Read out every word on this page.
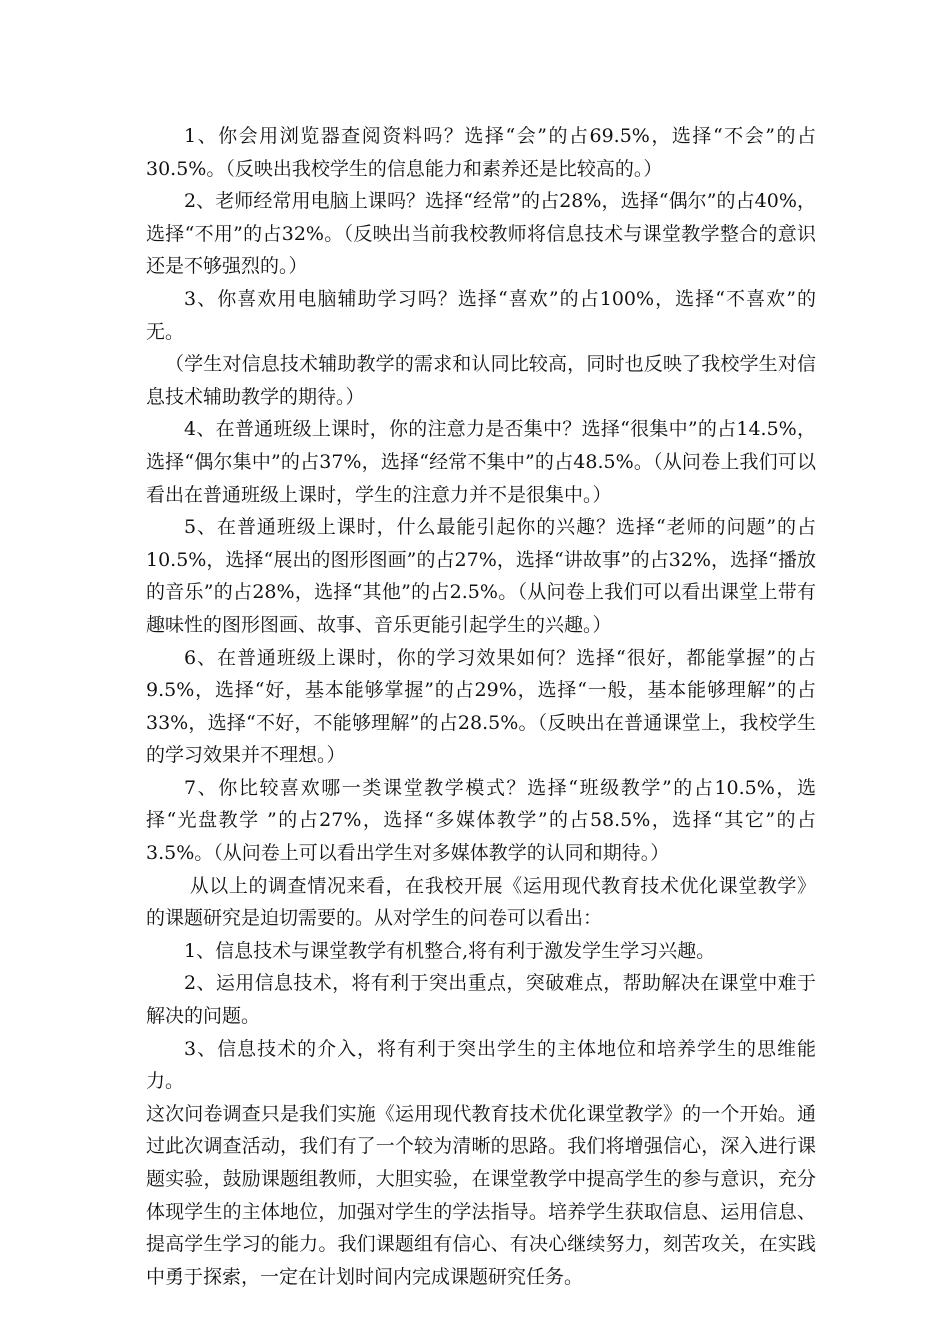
1、你会用浏览器查阅资料吗？选择“会”的占69.5%，选择“不会”的占30.5%。（反映出我校学生的信息能力和素养还是比较高的。）

2、老师经常用电脑上课吗？选择“经常”的占28%，选择“偶尔”的占40%，选择“不用”的占32%。（反映出当前我校教师将信息技术与课堂教学整合的意识还是不够强烈的。）

3、你喜欢用电脑辅助学习吗？选择“喜欢”的占100%，选择“不喜欢”的无。

（学生对信息技术辅助教学的需求和认同比较高，同时也反映了我校学生对信息技术辅助教学的期待。）

4、在普通班级上课时，你的注意力是否集中？选择“很集中”的占14.5%，选择“偶尔集中”的占37%，选择“经常不集中”的占48.5%。（从问卷上我们可以看出在普通班级上课时，学生的注意力并不是很集中。）

5、在普通班级上课时，什么最能引起你的兴趣？选择“老师的问题”的占10.5%，选择“展出的图形图画”的占27%，选择“讲故事”的占32%，选择“播放的音乐”的占28%，选择“其他”的占2.5%。（从问卷上我们可以看出课堂上带有趣味性的图形图画、故事、音乐更能引起学生的兴趣。）

6、在普通班级上课时，你的学习效果如何？选择“很好，都能掌握”的占9.5%，选择“好，基本能够掌握”的占29%，选择“一般，基本能够理解”的占33%，选择“不好，不能够理解”的占28.5%。（反映出在普通课堂上，我校学生的学习效果并不理想。）

7、你比较喜欢哪一类课堂教学模式？选择“班级教学”的占10.5%，选择“光盘教学 ”的占27%，选择“多媒体教学”的占58.5%，选择“其它”的占3.5%。（从问卷上可以看出学生对多媒体教学的认同和期待。）

从以上的调查情况来看，在我校开展《运用现代教育技术优化课堂教学》的课题研究是迫切需要的。从对学生的问卷可以看出：

1、信息技术与课堂教学有机整合,将有利于激发学生学习兴趣。

2、运用信息技术，将有利于突出重点，突破难点，帮助解决在课堂中难于解决的问题。

3、信息技术的介入，将有利于突出学生的主体地位和培养学生的思维能力。

这次问卷调查只是我们实施《运用现代教育技术优化课堂教学》的一个开始。通过此次调查活动，我们有了一个较为清晰的思路。我们将增强信心，深入进行课题实验，鼓励课题组教师，大胆实验，在课堂教学中提高学生的参与意识，充分体现学生的主体地位，加强对学生的学法指导。培养学生获取信息、运用信息、提高学生学习的能力。我们课题组有信心、有决心继续努力，刻苦攻关，在实践中勇于探索，一定在计划时间内完成课题研究任务。
